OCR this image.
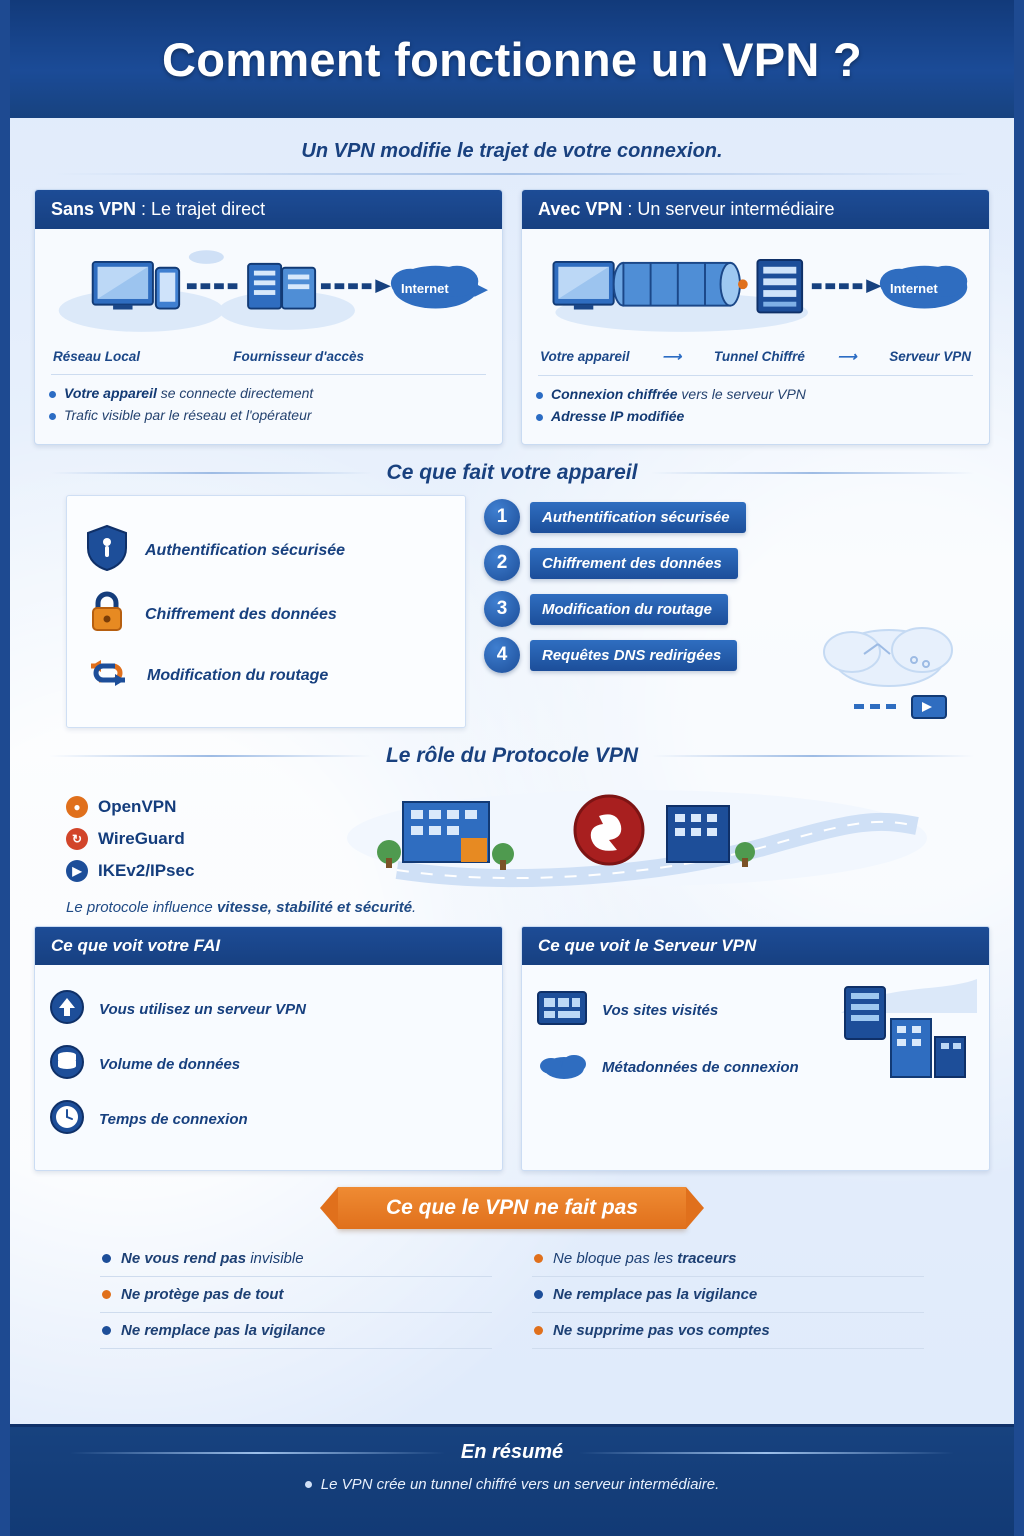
Comment fonctionne un VPN ?
Un VPN modifie le trajet de votre connexion.
Sans VPN : Le trajet direct
Internet
Réseau Local	Fournisseur d'accès
Votre appareil se connecte directement
Trafic visible par le réseau et l'opérateur
Avec VPN : Un serveur intermédiaire
Internet
Votre appareil ⟶ Tunnel Chiffré ⟶ Serveur VPN
Connexion chiffrée vers le serveur VPN
Adresse IP modifiée
Ce que fait votre appareil
Authentification sécurisée
Chiffrement des données
Modification du routage
1	Authentification sécurisée
2	Chiffrement des données
3	Modification du routage
4	Requêtes DNS redirigées
Le rôle du Protocole VPN
●	OpenVPN
↻ WireGuard
▶ IKEv2/IPsec
Le protocole influence vitesse, stabilité et sécurité.
Ce que voit votre FAI
Vous utilisez un serveur VPN
Volume de données
Temps de connexion
Ce que voit le Serveur VPN
Vos sites visités
Métadonnées de connexion
Ce que le VPN ne fait pas
Ne vous rend pas invisible
Ne protège pas de tout
Ne remplace pas la vigilance
Ne bloque pas les traceurs
Ne remplace pas la vigilance
Ne supprime pas vos comptes
En résumé
Le VPN crée un tunnel chiffré vers un serveur intermédiaire.
